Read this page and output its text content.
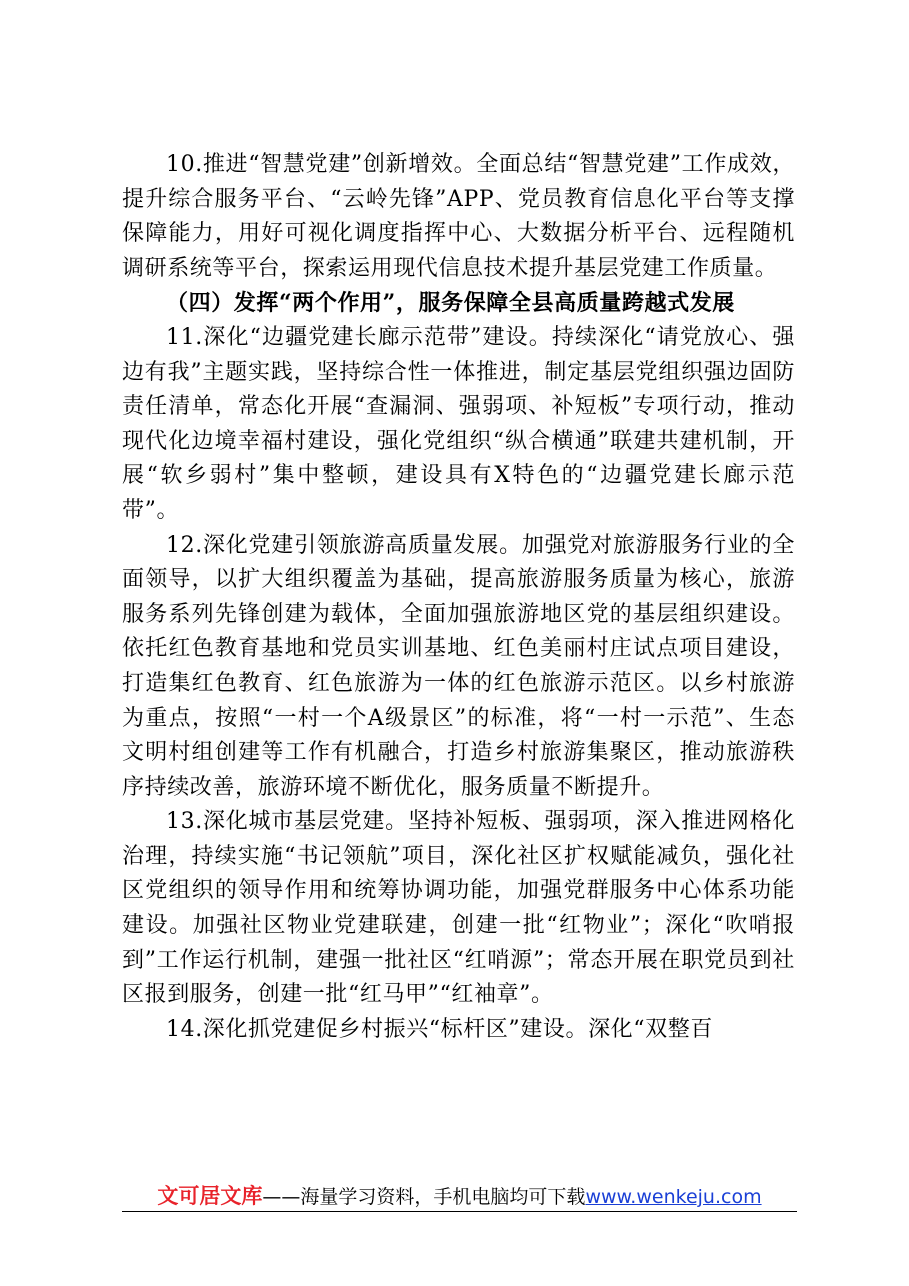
10.推进“智慧党建”创新增效。全面总结“智慧党建”工作成效，提升综合服务平台、“云岭先锋”APP、党员教育信息化平台等支撑保障能力，用好可视化调度指挥中心、大数据分析平台、远程随机调研系统等平台，探索运用现代信息技术提升基层党建工作质量。

（四）发挥“两个作用”，服务保障全县高质量跨越式发展

11.深化“边疆党建长廊示范带”建设。持续深化“请党放心、强边有我”主题实践，坚持综合性一体推进，制定基层党组织强边固防责任清单，常态化开展“查漏洞、强弱项、补短板”专项行动，推动现代化边境幸福村建设，强化党组织“纵合横通”联建共建机制，开展“软乡弱村”集中整顿，建设具有X特色的“边疆党建长廊示范带”。

12.深化党建引领旅游高质量发展。加强党对旅游服务行业的全面领导，以扩大组织覆盖为基础，提高旅游服务质量为核心，旅游服务系列先锋创建为载体，全面加强旅游地区党的基层组织建设。依托红色教育基地和党员实训基地、红色美丽村庄试点项目建设，打造集红色教育、红色旅游为一体的红色旅游示范区。以乡村旅游为重点，按照“一村一个A级景区”的标准，将“一村一示范”、生态文明村组创建等工作有机融合，打造乡村旅游集聚区，推动旅游秩序持续改善，旅游环境不断优化，服务质量不断提升。

13.深化城市基层党建。坚持补短板、强弱项，深入推进网格化治理，持续实施“书记领航”项目，深化社区扩权赋能减负，强化社区党组织的领导作用和统筹协调功能，加强党群服务中心体系功能建设。加强社区物业党建联建，创建一批“红物业”；深化“吹哨报到”工作运行机制，建强一批社区“红哨源”；常态开展在职党员到社区报到服务，创建一批“红马甲”“红袖章”。

14.深化抓党建促乡村振兴“标杆区”建设。深化“双整百

文可居文库——海量学习资料，手机电脑均可下载www.wenkeju.com
